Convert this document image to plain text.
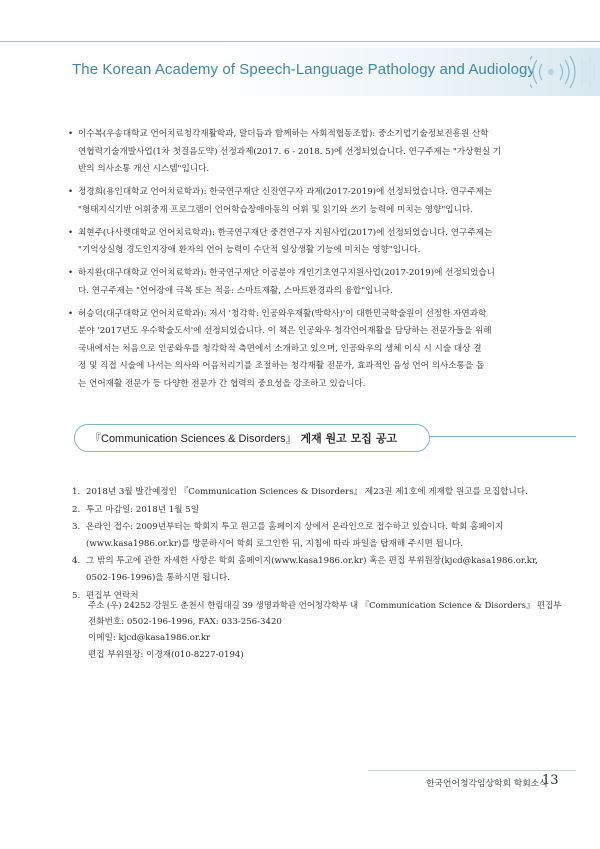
The Korean Academy of Speech-Language Pathology and Audiology
• 이수복(우송대학교 언어치료청각재활학과, 말더듬과 함께하는 사회적협동조합): 중소기업기술정보진흥원 산학
연협력기술개발사업(1차 첫걸음도약) 선정과제(2017. 6 - 2018. 5)에 선정되었습니다. 연구주제는 "가상현실 기
반의 의사소통 개선 시스템"입니다.
• 정경희(용인대학교 언어치료학과): 한국연구재단 신진연구자 과제(2017-2019)에 선정되었습니다. 연구주제는
"형태지식기반 어휘중재 프로그램이 언어학습장애아동의 어휘 및 읽기와 쓰기 능력에 미치는 영향"입니다.
• 최현주(나사렛대학교 언어치료학과): 한국연구재단 중견연구자 지원사업(2017)에 선정되었습니다. 연구주제는
"기억상실형 경도인지장애 환자의 언어 능력이 수단적 일상생활 기능에 미치는 영향"입니다.
• 하지완(대구대학교 언어치료학과): 한국연구재단 이공분야 개인기초연구지원사업(2017-2019)에 선정되었습니
다. 연구주제는 "언어장애 극복 또는 적응: 스마트재활, 스마트환경과의 융합"입니다.
• 허승덕(대구대학교 언어치료학과): 저서 '청각학: 인공와우재활(박학사)'이 대한민국학술원이 선정한 자연과학
분야 '2017년도 우수학술도서'에 선정되었습니다. 이 책은 인공와우 청각언어재활을 담당하는 전문가들을 위해
국내에서는 처음으로 인공와우를 청각학적 측면에서 소개하고 있으며, 인공와우의 생체 이식 시 시술 대상 결
정 및 직접 시술에 나서는 의사와 어음처리기를 조절하는 청각재활 전문가, 효과적인 음성 언어 의사소통을 돕
는 언어재활 전문가 등 다양한 전문가 간 협력의 중요성을 강조하고 있습니다.
『Communication Sciences & Disorders』 게재 원고 모집 공고
1. 2018년 3월 발간예정인 『Communication Sciences & Disorders』 제23권 제1호에 게재할 원고를 모집합니다.
2. 투고 마감일: 2018년 1월 5일
3. 온라인 접수: 2009년부터는 학회지 투고 원고를 홈페이지 상에서 온라인으로 접수하고 있습니다. 학회 홈페이지
(www.kasa1986.or.kr)를 방문하시어 학회 로그인한 뒤, 지침에 따라 파일을 탑재해 주시면 됩니다.
4. 그 밖의 투고에 관한 자세한 사항은 학회 홈페이지(www.kasa1986.or.kr) 혹은 편집 부위원장(kjcd@kasa1986.or.kr,
0502-196-1996)을 통하시면 됩니다.
5. 편집부 연락처
주소 (우) 24252 강원도 춘천시 한림대길 39 생명과학관 언어청각학부 내 『Communication Science & Disorders』 편집부
전화번호: 0502-196-1996, FAX: 033-256-3420
이메일: kjcd@kasa1986.or.kr
편집 부위원장: 이경재(010-8227-0194)
한국언어청각임상학회 학회소식
13
